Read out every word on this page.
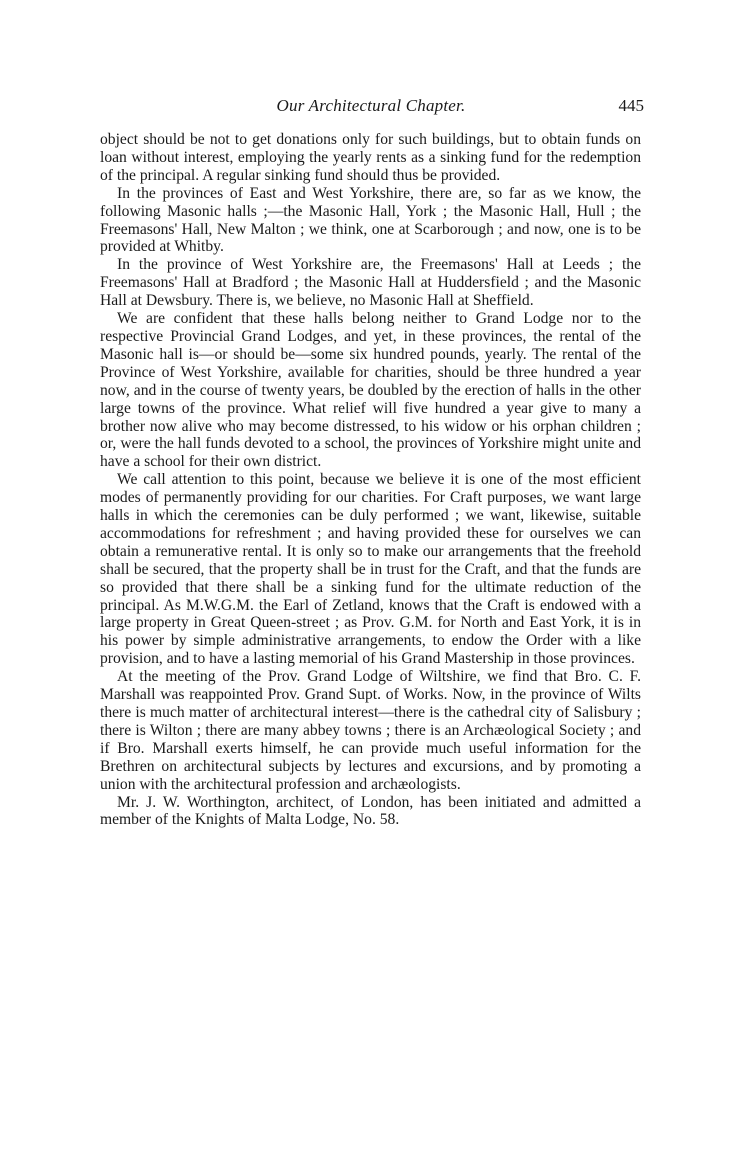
Our Architectural Chapter.	445

object should be not to get donations only for such buildings, but to obtain funds on loan without interest, employing the yearly rents as a sinking fund for the redemption of the principal. A regular sinking fund should thus be provided.

In the provinces of East and West Yorkshire, there are, so far as we know, the following Masonic halls ;—the Masonic Hall, York ; the Masonic Hall, Hull ; the Freemasons' Hall, New Malton ; we think, one at Scarborough ; and now, one is to be provided at Whitby.

In the province of West Yorkshire are, the Freemasons' Hall at Leeds ; the Freemasons' Hall at Bradford ; the Masonic Hall at Huddersfield ; and the Masonic Hall at Dewsbury. There is, we believe, no Masonic Hall at Sheffield.

We are confident that these halls belong neither to Grand Lodge nor to the respective Provincial Grand Lodges, and yet, in these provinces, the rental of the Masonic hall is—or should be—some six hundred pounds, yearly. The rental of the Province of West Yorkshire, available for charities, should be three hundred a year now, and in the course of twenty years, be doubled by the erection of halls in the other large towns of the province. What relief will five hundred a year give to many a brother now alive who may become distressed, to his widow or his orphan children ; or, were the hall funds devoted to a school, the provinces of Yorkshire might unite and have a school for their own district.

We call attention to this point, because we believe it is one of the most efficient modes of permanently providing for our charities. For Craft purposes, we want large halls in which the ceremonies can be duly performed ; we want, likewise, suitable accommodations for refreshment ; and having provided these for ourselves we can obtain a remunerative rental. It is only so to make our arrangements that the freehold shall be secured, that the property shall be in trust for the Craft, and that the funds are so provided that there shall be a sinking fund for the ultimate reduction of the principal. As M.W.G.M. the Earl of Zetland, knows that the Craft is endowed with a large property in Great Queen-street ; as Prov. G.M. for North and East York, it is in his power by simple administrative arrangements, to endow the Order with a like provision, and to have a lasting memorial of his Grand Mastership in those provinces.

At the meeting of the Prov. Grand Lodge of Wiltshire, we find that Bro. C. F. Marshall was reappointed Prov. Grand Supt. of Works. Now, in the province of Wilts there is much matter of architectural interest—there is the cathedral city of Salisbury ; there is Wilton ; there are many abbey towns ; there is an Archæological Society ; and if Bro. Marshall exerts himself, he can provide much useful information for the Brethren on architectural subjects by lectures and excursions, and by promoting a union with the architectural profession and archæologists.

Mr. J. W. Worthington, architect, of London, has been initiated and admitted a member of the Knights of Malta Lodge, No. 58.
